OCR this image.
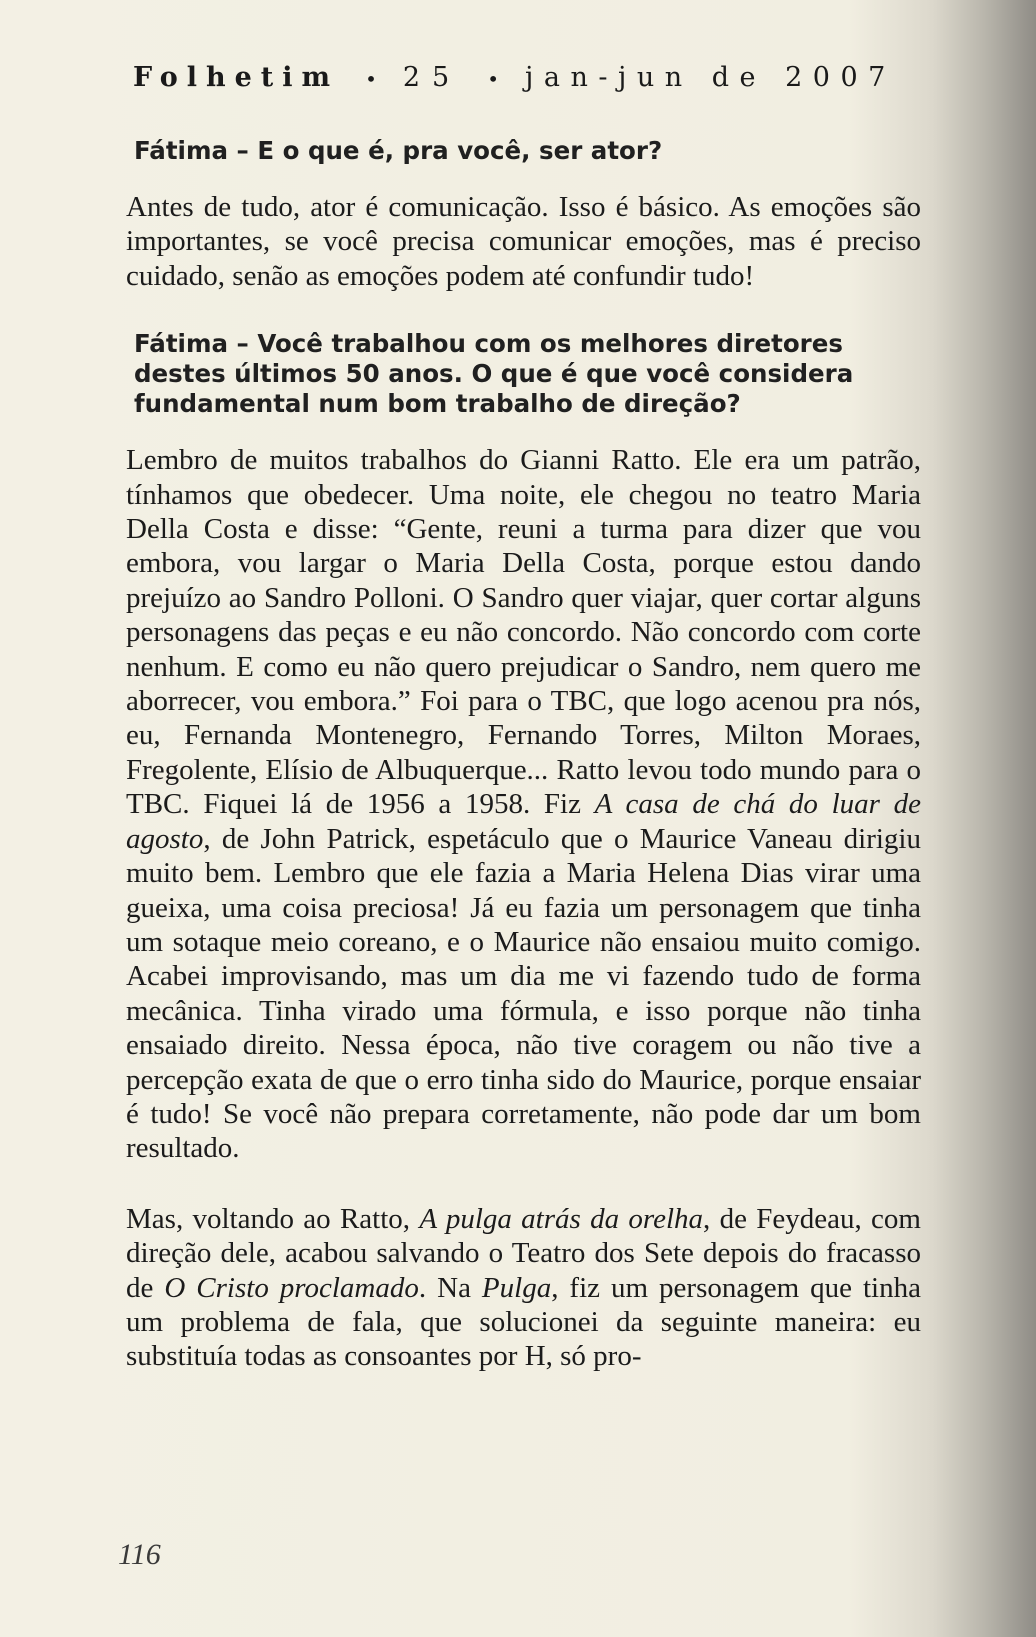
Folhetim • 25 • jan-jun de 2007

Fátima – E o que é, pra você, ser ator?

Antes de tudo, ator é comunicação. Isso é básico. As emoções são importantes, se você precisa comunicar emoções, mas é preciso cuidado, senão as emoções podem até confundir tudo!

Fátima – Você trabalhou com os melhores diretores destes últimos 50 anos. O que é que você considera fundamental num bom trabalho de direção?

Lembro de muitos trabalhos do Gianni Ratto. Ele era um patrão, tínhamos que obedecer. Uma noite, ele chegou no teatro Maria Della Costa e disse: “Gente, reuni a turma para dizer que vou embora, vou largar o Maria Della Costa, porque estou dando prejuízo ao Sandro Polloni. O Sandro quer viajar, quer cortar alguns personagens das peças e eu não concordo. Não concordo com corte nenhum. E como eu não quero prejudicar o Sandro, nem quero me aborrecer, vou embora.” Foi para o TBC, que logo acenou pra nós, eu, Fernanda Montenegro, Fernando Torres, Milton Moraes, Fregolente, Elísio de Albuquerque... Ratto levou todo mundo para o TBC. Fiquei lá de 1956 a 1958. Fiz A casa de chá do luar de agosto, de John Patrick, espetáculo que o Maurice Vaneau dirigiu muito bem. Lembro que ele fazia a Maria Helena Dias virar uma gueixa, uma coisa preciosa! Já eu fazia um personagem que tinha um sotaque meio coreano, e o Maurice não ensaiou muito comigo. Acabei improvisando, mas um dia me vi fazendo tudo de forma mecânica. Tinha virado uma fórmula, e isso porque não tinha ensaiado direito. Nessa época, não tive coragem ou não tive a percepção exata de que o erro tinha sido do Maurice, porque ensaiar é tudo! Se você não prepara corretamente, não pode dar um bom resultado.

Mas, voltando ao Ratto, A pulga atrás da orelha, de Feydeau, com direção dele, acabou salvando o Teatro dos Sete depois do fracasso de O Cristo proclamado. Na Pulga, fiz um personagem que tinha um problema de fala, que solucionei da seguinte maneira: eu substituía todas as consoantes por H, só pro-

116
